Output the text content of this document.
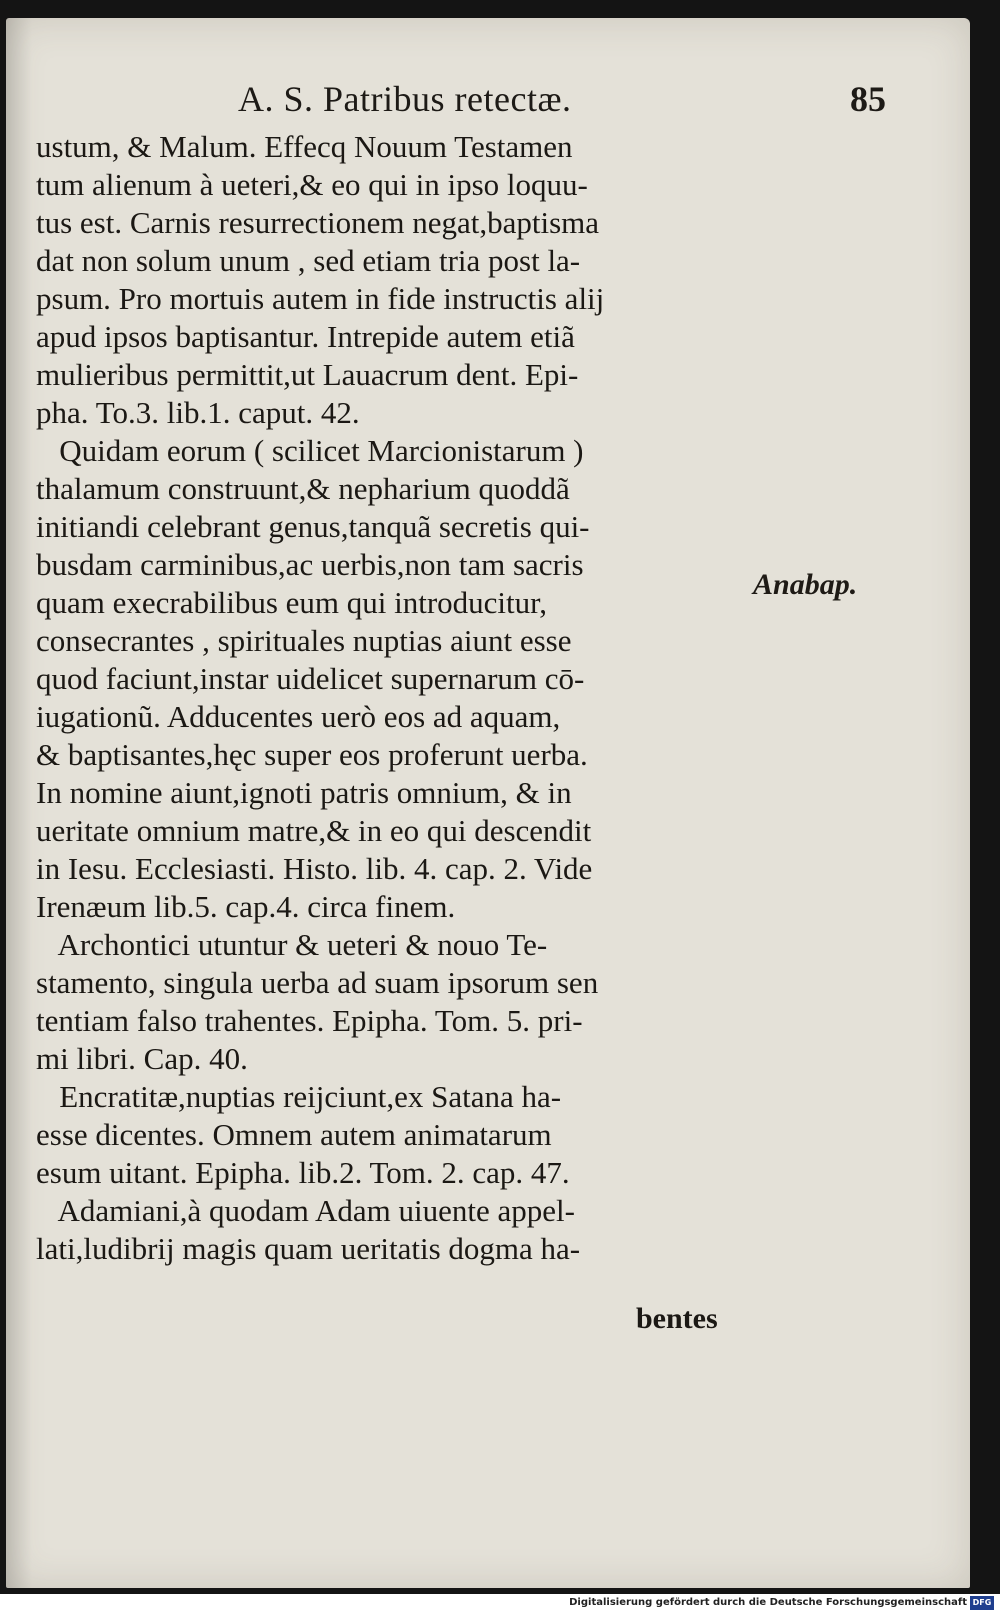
A. S. Patribus retectæ.	85
ustum, & Malum. Effecq Nouum Testamen
tum alienum à ueteri,& eo qui in ipso loquu-
tus est. Carnis resurrectionem negat,baptisma
dat non solum unum , sed etiam tria post la-
psum. Pro mortuis autem in fide instructis alij
apud ipsos baptisantur. Intrepide autem etiã
mulieribus permittit,ut Lauacrum dent. Epi-
pha. To.3. lib.1. caput. 42.
Quidam eorum ( scilicet Marcionistarum )
thalamum construunt,& nepharium quoddã
initiandi celebrant genus,tanquã secretis qui-
busdam carminibus,ac uerbis,non tam sacris
quam execrabilibus eum qui introducitur,
consecrantes , spirituales nuptias aiunt esse
quod faciunt,instar uidelicet supernarum cō-
iugationũ. Adducentes uerò eos ad aquam,
& baptisantes,hęc super eos proferunt uerba.
In nomine aiunt,ignoti patris omnium, & in
ueritate omnium matre,& in eo qui descendit
in Iesu. Ecclesiasti. Histo. lib. 4. cap. 2. Vide
Irenæum lib.5. cap.4. circa finem.
Archontici utuntur & ueteri & nouo Te-
stamento, singula uerba ad suam ipsorum sen
tentiam falso trahentes. Epipha. Tom. 5. pri-
mi libri. Cap. 40.
Encratitæ,nuptias reijciunt,ex Satana ha-
esse dicentes. Omnem autem animatarum
esum uitant. Epipha. lib.2. Tom. 2. cap. 47.
Adamiani,à quodam Adam uiuente appel-
lati,ludibrij magis quam ueritatis dogma ha-
Anabap.
bentes
Digitalisierung gefördert durch die Deutsche Forschungsgemeinschaft DFG
